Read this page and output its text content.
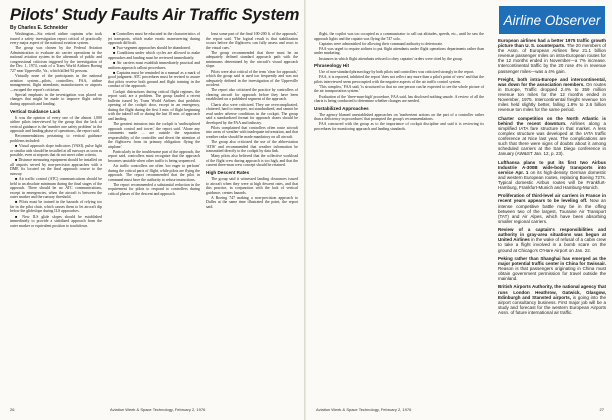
Pilots' Study Faults Air Traffic System
By Charles E. Schneider

Washington—Six retired airline captains who took issued a safety investigation report critical of practically every major aspect of the national aviation system.

The group was chosen by the Federal Aviation Administration to evaluate air carrier operations in the national aviation system in the aftermath of public and congressional criticism triggered by the investigation of the Dec. 1, 1974, crash of a Trans World Airlines Boeing 727 near Upperville, Va., which killed 92 persons.

Virtually none of the participants in the national aviation system—pilots, controllers, FAA, airline management, flight attendants, manufacturers or airports—escaped the report's criticism.

Special emphasis in the investigation was placed on changes that might be made to improve flight safety during approach and landing.

Vertical Guidance Lack

It was the opinion of every one of the almost 1,000 airline pilots interviewed by the group that the lack of vertical guidance is the 'number one safety problem' in the approach and landing phase of operations, the report said.

Recommendations pertaining to vertical guidance problems included:

■ Visual approach slope indicators (VASI), pulse light or similar aids should be installed at all runways as soon as possible, even at airports that do not meet other criteria.

■ Distance measuring equipment should be installed on all airports served by non-precision approaches with a DME fix located on the final approach course to the runway.

■ Air traffic control (ATC) communications should be held to an absolute minimum during the final stages of the approach. There should be no ATC communications, except in emergencies, when the aircraft is between the outer marker and the runway threshold.

■ Pilots must be trained in the hazards of relying too far in the pilot chair, which causes them to let aircraft dip below the glideslope during ILS approaches.

■ New ILS glide slopes should be established immediately to provide a stabilized approach from the outer marker or equivalent position to touchdown.

■ Controllers must be educated in the characteristics of jet transports, which make erratic maneuvering during approach difficult.

■ Two-segment approaches should be abandoned.

■ Conditions under which cycles are allowed to make approaches and landing must be reviewed immediately.

■ Air carriers must establish immediately practical and uniform approach callout procedures.

■ Captains must be reminded in a manual as a mark of good judgment. ATC procedures must be revised to assure that pilots receive both ground and flight training in the conduct of the approach.

Cockpit distractions during critical flight regimes, the report said, are a problem. The group lauded a recent bulletin issued by Trans World Airlines that prohibits opening of the cockpit door, except in an emergency, during the flight during the first 3 min. of flight beginning with the takeoff roll or during the last 10 min. of approach and landing.

The greatest intrusion into the cockpit is 'undisciplined approach control and tower,' the report said. 'Alone any comments made ... are outside the separation responsibility of the controller and divert the attention of the flightcrew from its primary obligation: flying the airplane.'

Particularly in the troublesome part of the approach, the report said, controllers must recognize that the approach becomes unstable when other traffic is being sequenced.

Air traffic controllers are often 'too eager to perform' during the critical parts of flight, while pilots are flying the approach. The report recommended that the pilot in command must have the authority to refuse instructions.

The report recommended a substantial reduction in the requirement for pilots to respond to controllers during critical phases of the descent and approach.

least some part of the final 100-200 ft. of the approach,' the report said. 'The logical result is that stabilization occurs before the flightcrew can fully assess and react to the visual cues.'

The group recommended that there must be an adequately defined standard approach path with the minimums determined by the aircraft's visual approach slope.

Pilots were also critical of the term 'clear for approach,' which the group said is used too frequently and was not adequately defined in the investigation of the Upperville accident.

The report also criticized the practice by controllers of clearing aircraft for approach before they have been established on a published segment of the approach.

Charts also were criticized. They are overcomplicated, cluttered, hard to interpret, not standardized, and cannot be read under adverse conditions in the cockpit. The group said a standardized format for approach charts should be developed by the FAA and industry.

Pilots complained that controllers often route aircraft into areas of weather with inadequate information, and that weather radar should be made mandatory on all aircraft.

The group also criticized the use of the abbreviation 'ATIS' and recommended that weather information be transmitted directly to the cockpit by data link.

Many pilots also believed that the collective workload of the flight crew during approach is too high, and that the current three-man crew concept should be retained.

High Descent Rates

The group said it witnessed landing clearances issued to aircraft when they were at high descent rates, and that this practice, in conjunction with the lack of vertical guidance, creates hazards.

A Boeing 747 making a non-precision approach to Dulles at the same time illustrated the point, the report said.

26	Aviation Week & Space Technology, February 2, 1976

flight, the copilot was too occupied as a communicator to call out altitudes, speeds, etc., until he saw the approach lights and the captain was flying the 747 solo.

Captains were admonished for allowing their command authority to deteriorate.

FAA was urged to require airlines to put flight attendants under flight operations departments rather than under marketing.

Instances in which flight attendants refused to obey captains' orders were cited by the group.

Phraseology Hit

Use of non-standard phraseology by both pilots and controllers was criticized strongly in the report.

FAA, it is reported, inhibited the report 'does not reflect any more than a pilot's point of view' and that the pilots interviewed seem preoccupied with the negative aspects of the air traffic control system.

'This complex,' FAA said, 'is structured so that no one person can be expected to see the whole picture of the air transportation system.'

Evaluation of the 'three-man-high' procedure, FAA said, has disclosed nothing unsafe. A review of all the charts is being conducted to determine whether changes are needed.

Unstabilized Approaches

The agency blamed unestablished approaches on 'inadvertent actions on the part of a controller rather than a deficiency in procedures' that prompted the group's recommendations.

FAA concurred with the group as to the importance of cockpit discipline and said it is reviewing its procedures for monitoring approach and landing standards.

Airline Observer

European airlines had a better 1975 traffic growth picture than U. S. counterparts. The 20 members of the Assn. of European Airlines flew 21.1 billion revenue passenger miles on intra-European routes for the 12 months ended in November—a 7% increase. Intercontinental traffic by the 20 rose 4% in revenue passenger miles—was a 4% gain.

Freight, both intra-Europe and intercontinental, was down for the association members. On routes in Europe, Traffic dropped 2.4% to 359 million revenue ton miles for the 12 months ended in November, 1975. Intercontinental freight revenue ton miles held slightly better, falling 1.8% to 2.6 billion revenue ton miles for the same period.

Charter competition on the North Atlantic is behind the recent downturn. Airlines along a simplified IATA fare structure in that market. A less complex structure was developed at the IATA traffic conference at Nice last year. The complications are such that there were signs of doubts about it among scheduled carriers at the San Diego conference in January (AW&ST Jan. 12, p. 23).

Lufthansa plans to put its first two Airbus Industrie A-300B wide-body transports into service Apr. 1 on its high-density German domestic and western European routes, replacing Boeing 727s. Typical domestic Airbus routes will be Frankfurt-Hamburg, Frankfurt-Munich and Hamburg-Munich.

Proliferation of third-level air carriers in France in recent years appears to be leveling off. Now an intense competitive battle may be in the offing between two of the largest, Touraine Air Transport (TAT) and Air Alpes, which have been absorbing smaller regional carriers.

Review of a captain's responsibilities and authority in gray-area situations was begun at United Airlines in the wake of refusal of a cabin crew to take a flight involved in a bomb scare on the ground at Chicago's O'Hare Airport on Jan. 22.

Peking rather than Shanghai has emerged as the major potential traffic center in China for Swissair. Reason is that passengers originating in China must obtain government permission for travel outside the mainland.

British Airports Authority, the national agency that runs London Heathrow, Gatwick, Glasgow, Edinburgh and Stansted airports, is going into the airport consultancy business. First major job will be a study and forecast for the western European Airports Assn. of future international air traffic.

Aviation Week & Space Technology, February 2, 1976	27
